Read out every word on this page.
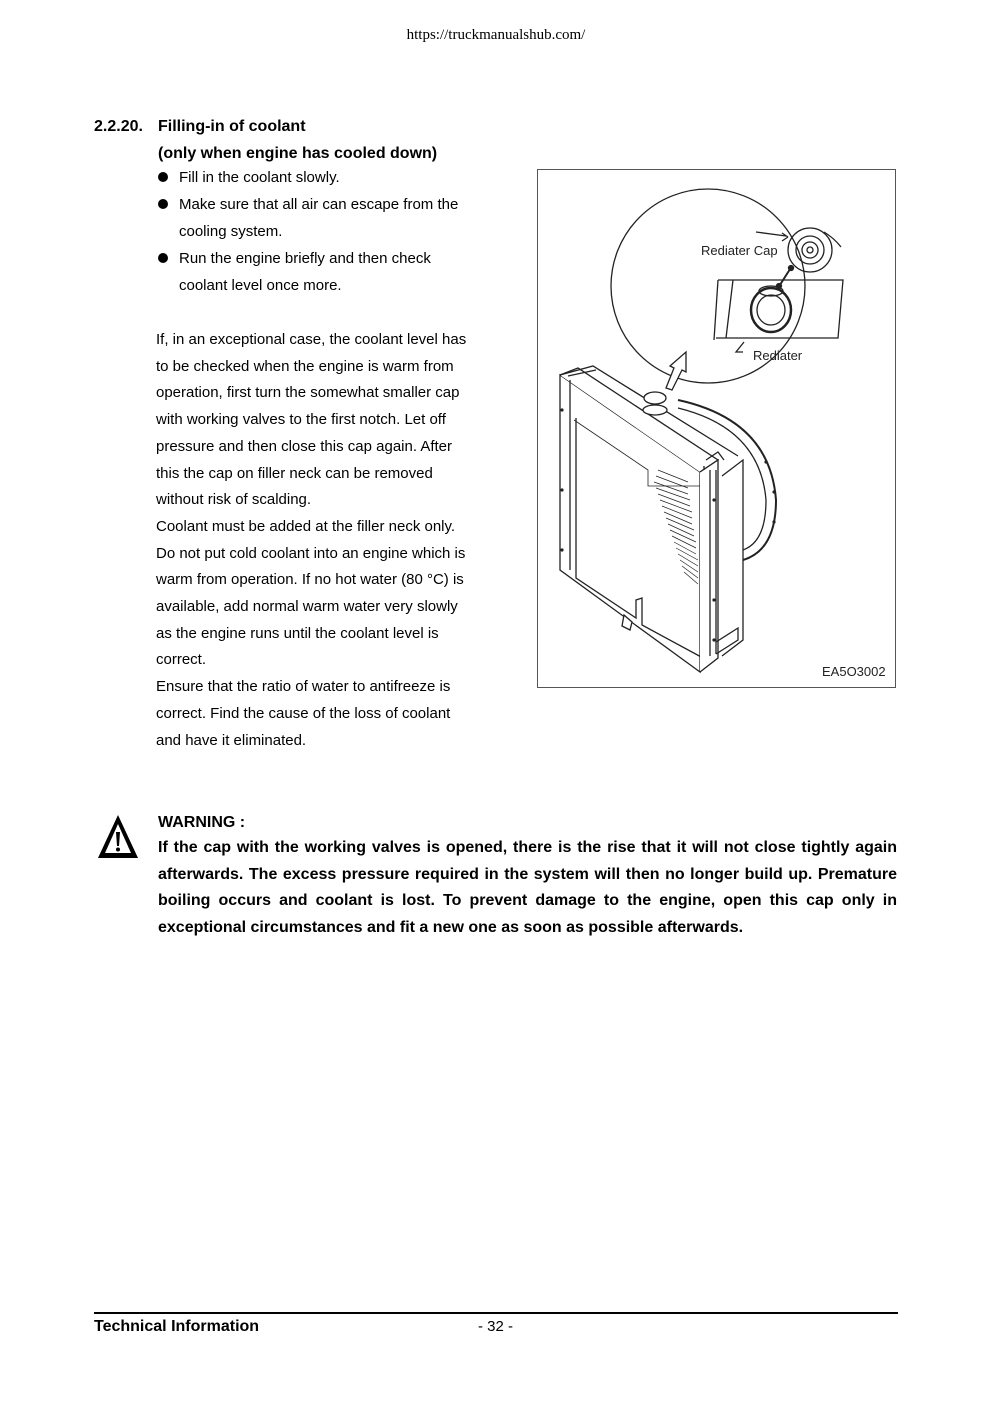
https://truckmanualshub.com/
2.2.20. Filling-in of coolant
(only when engine has cooled down)
Fill in the coolant slowly.
Make sure that all air can escape from the cooling system.
Run the engine briefly and then check coolant level once more.

If, in an exceptional case, the coolant level has to be checked when the engine is warm from operation, first turn the somewhat smaller cap with working valves to the first notch. Let off pressure and then close this cap again. After this the cap on filler neck can be removed without risk of scalding.

Coolant must be added at the filler neck only. Do not put cold coolant into an engine which is warm from operation. If no hot water (80 °C) is available, add normal warm water very slowly as the engine runs until the coolant level is correct.

Ensure that the ratio of water to antifreeze is correct. Find the cause of the loss of coolant and have it eliminated.

Rediater Cap
Rediater
EA5O3002
WARNING :

If the cap with the working valves is opened, there is the rise that it will not close tightly again afterwards. The excess pressure required in the system will then no longer build up. Premature boiling occurs and coolant is lost. To prevent damage to the engine, open this cap only in exceptional circumstances and fit a new one as soon as possible afterwards.

Technical Information	- 32 -
